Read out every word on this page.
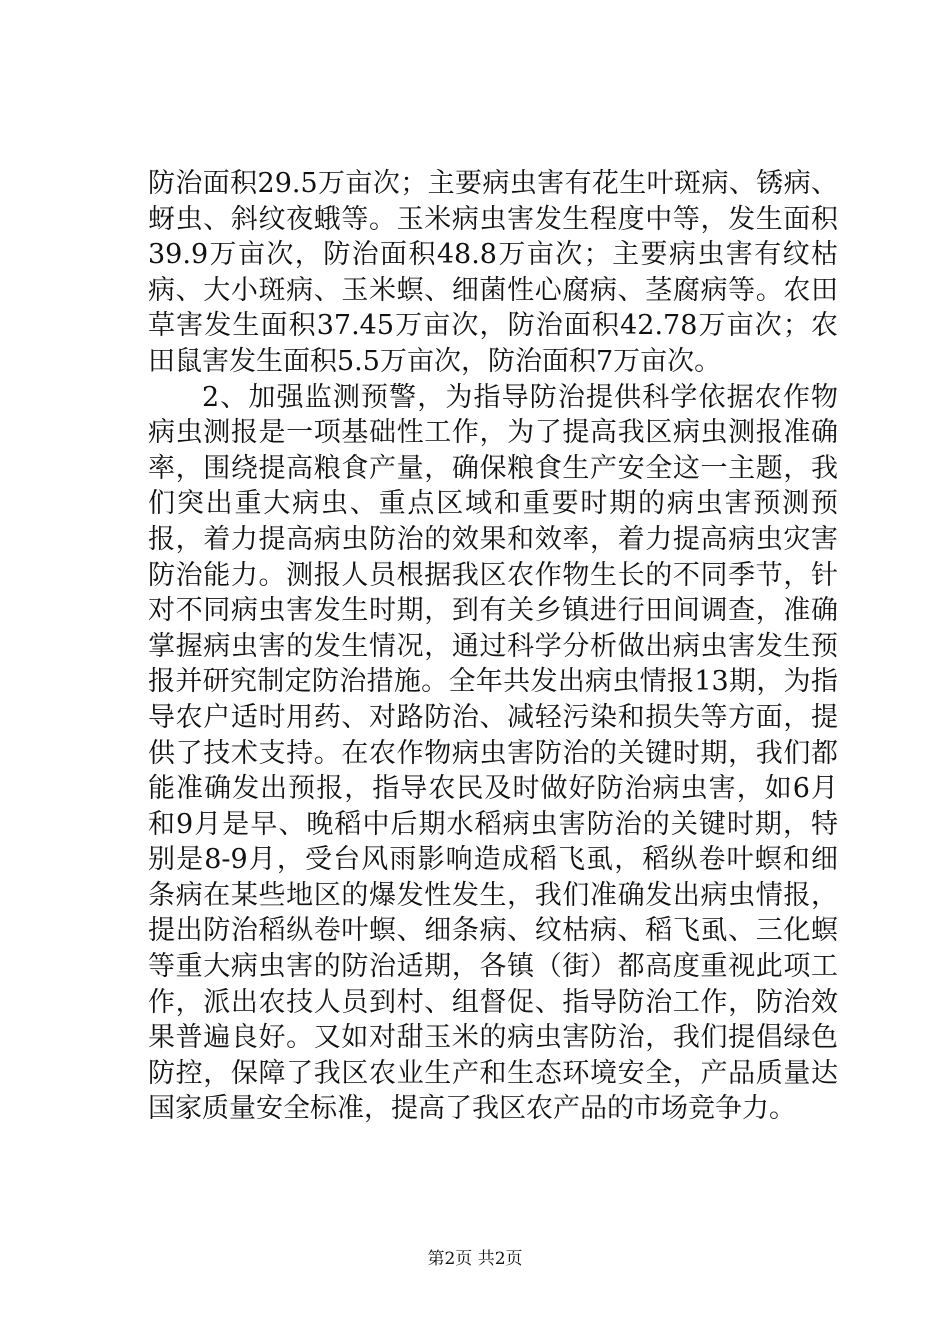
防治面积29.5万亩次；主要病虫害有花生叶斑病、锈病、蚜虫、斜纹夜蛾等。玉米病虫害发生程度中等，发生面积39.9万亩次，防治面积48.8万亩次；主要病虫害有纹枯病、大小斑病、玉米螟、细菌性心腐病、茎腐病等。农田草害发生面积37.45万亩次，防治面积42.78万亩次；农田鼠害发生面积5.5万亩次，防治面积7万亩次。

2、加强监测预警，为指导防治提供科学依据农作物病虫测报是一项基础性工作，为了提高我区病虫测报准确率，围绕提高粮食产量，确保粮食生产安全这一主题，我们突出重大病虫、重点区域和重要时期的病虫害预测预报，着力提高病虫防治的效果和效率，着力提高病虫灾害防治能力。测报人员根据我区农作物生长的不同季节，针对不同病虫害发生时期，到有关乡镇进行田间调查，准确掌握病虫害的发生情况，通过科学分析做出病虫害发生预报并研究制定防治措施。全年共发出病虫情报13期，为指导农户适时用药、对路防治、减轻污染和损失等方面，提供了技术支持。在农作物病虫害防治的关键时期，我们都能准确发出预报，指导农民及时做好防治病虫害，如6月和9月是早、晚稻中后期水稻病虫害防治的关键时期，特别是8-9月，受台风雨影响造成稻飞虱，稻纵卷叶螟和细条病在某些地区的爆发性发生，我们准确发出病虫情报，提出防治稻纵卷叶螟、细条病、纹枯病、稻飞虱、三化螟等重大病虫害的防治适期，各镇（街）都高度重视此项工作，派出农技人员到村、组督促、指导防治工作，防治效果普遍良好。又如对甜玉米的病虫害防治，我们提倡绿色防控，保障了我区农业生产和生态环境安全，产品质量达国家质量安全标准，提高了我区农产品的市场竞争力。

第2页 共2页
